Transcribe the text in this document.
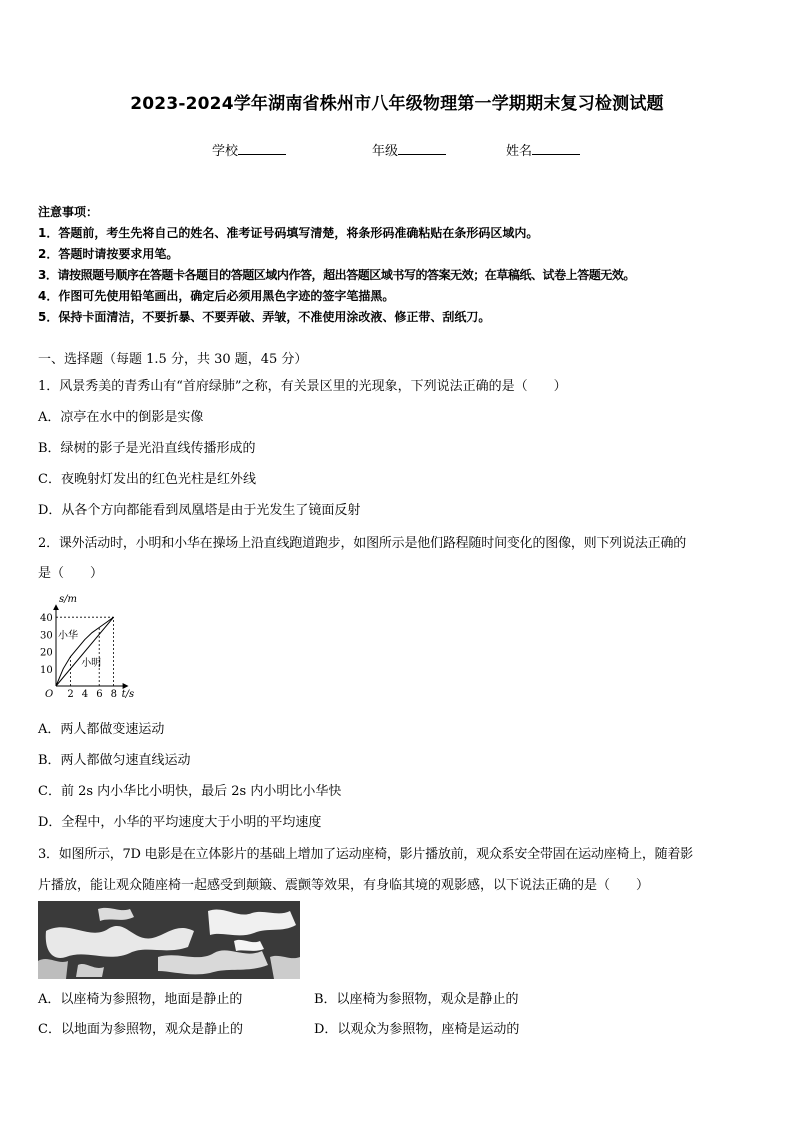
2023-2024学年湖南省株州市八年级物理第一学期期末复习检测试题
学校	年级	姓名
注意事项：
1．答题前，考生先将自己的姓名、准考证号码填写清楚，将条形码准确粘贴在条形码区域内。
2．答题时请按要求用笔。
3．请按照题号顺序在答题卡各题目的答题区域内作答，超出答题区域书写的答案无效；在草稿纸、试卷上答题无效。
4．作图可先使用铅笔画出，确定后必须用黑色字迹的签字笔描黑。
5．保持卡面清洁，不要折暴、不要弄破、弄皱，不准使用涂改液、修正带、刮纸刀。
一、选择题（每题 1.5 分，共 30 题，45 分）
1．风景秀美的青秀山有“首府绿肺”之称，有关景区里的光现象，下列说法正确的是（　　）
A．凉亭在水中的倒影是实像
B．绿树的影子是光沿直线传播形成的
C．夜晚射灯发出的红色光柱是红外线
D．从各个方向都能看到凤凰塔是由于光发生了镜面反射
2．课外活动时，小明和小华在操场上沿直线跑道跑步，如图所示是他们路程随时间变化的图像，则下列说法正确的
是（　　）
s/m
t/s
O 2 4 6 8
10
20
30
40
小华
小明
A．两人都做变速运动
B．两人都做匀速直线运动
C．前 2s 内小华比小明快，最后 2s 内小明比小华快
D．全程中，小华的平均速度大于小明的平均速度
3．如图所示，7D 电影是在立体影片的基础上增加了运动座椅，影片播放前，观众系安全带固在运动座椅上，随着影
片播放，能让观众随座椅一起感受到颠簸、震颤等效果，有身临其境的观影感，以下说法正确的是（　　）
A．以座椅为参照物，地面是静止的	B．以座椅为参照物，观众是静止的
C．以地面为参照物，观众是静止的	D．以观众为参照物，座椅是运动的
